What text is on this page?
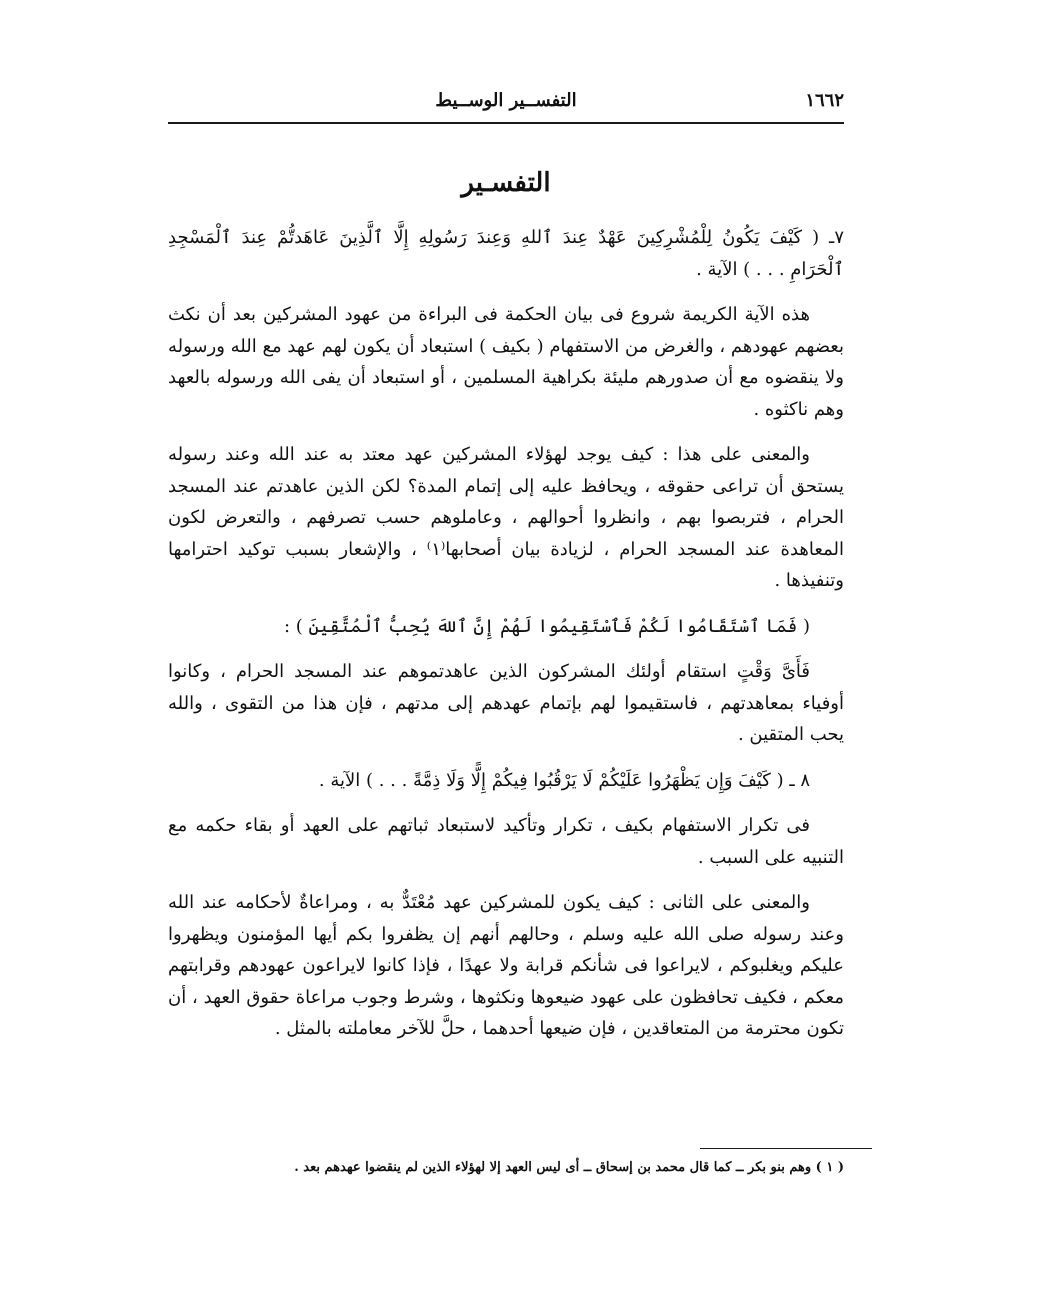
١٦٦٢
التفســير الوســيط
التفسـير

٧ـ ( كَيْفَ يَكُونُ لِلْمُشْرِكِينَ عَهْدٌ عِندَ ٱللهِ وَعِندَ رَسُولِهِ إِلَّا ٱلَّذِينَ عَاهَدتُّمْ عِندَ ٱلْمَسْجِدِ ٱلْحَرَامِ . . . ) الآية .

هذه الآية الكريمة شروع فى بيان الحكمة فى البراءة من عهود المشركين بعد أن نكث بعضهم عهودهم ، والغرض من الاستفهام ( بكيف ) استبعاد أن يكون لهم عهد مع الله ورسوله ولا ينقضوه مع أن صدورهم مليئة بكراهية المسلمين ، أو استبعاد أن يفى الله ورسوله بالعهد وهم ناكثوه .

والمعنى على هذا : كيف يوجد لهؤلاء المشركين عهد معتد به عند الله وعند رسوله يستحق أن تراعى حقوقه ، ويحافظ عليه إلى إتمام المدة؟ لكن الذين عاهدتم عند المسجد الحرام ، فتربصوا بهم ، وانظروا أحوالهم ، وعاملوهم حسب تصرفهم ، والتعرض لكون المعاهدة عند المسجد الحرام ، لزيادة بيان أصحابها⁽١⁾ ، والإشعار بسبب توكيد احترامها وتنفيذها .

( فَمَا ٱسْتَقَامُوا لَكُمْ فَٱسْتَقِيمُوا لَهُمْ إِنَّ ٱللهَ يُحِبُّ ٱلْمُتَّقِينَ ) :

فَأَىَّ وَقْتٍ استقام أولئك المشركون الذين عاهدتموهم عند المسجد الحرام ، وكانوا أوفياء بمعاهدتهم ، فاستقيموا لهم بإتمام عهدهم إلى مدتهم ، فإن هذا من التقوى ، والله يحب المتقين .

٨ ـ ( كَيْفَ وَإِن يَظْهَرُوا عَلَيْكُمْ لَا يَرْقُبُوا فِيكُمْ إِلًّا وَلَا ذِمَّةً . . . ) الآية .

فى تكرار الاستفهام بكيف ، تكرار وتأكيد لاستبعاد ثباتهم على العهد أو بقاء حكمه مع التنبيه على السبب .

والمعنى على الثانى : كيف يكون للمشركين عهد مُعْتَدٌّ به ، ومراعاةٌ لأحكامه عند الله وعند رسوله صلى الله عليه وسلم ، وحالهم أنهم إن يظفروا بكم أيها المؤمنون ويظهروا عليكم ويغلبوكم ، لايراعوا فى شأنكم قرابة ولا عهدًا ، فإذا كانوا لايراعون عهودهم وقرابتهم معكم ، فكيف تحافظون على عهود ضيعوها ونكثوها ، وشرط وجوب مراعاة حقوق العهد ، أن تكون محترمة من المتعاقدين ، فإن ضيعها أحدهما ، حلَّ للآخر معاملته بالمثل .

( ١ ) وهم بنو بكر ــ كما قال محمد بن إسحاق ــ أى ليس العهد إلا لهؤلاء الذين لم ينقضوا عهدهم بعد .
